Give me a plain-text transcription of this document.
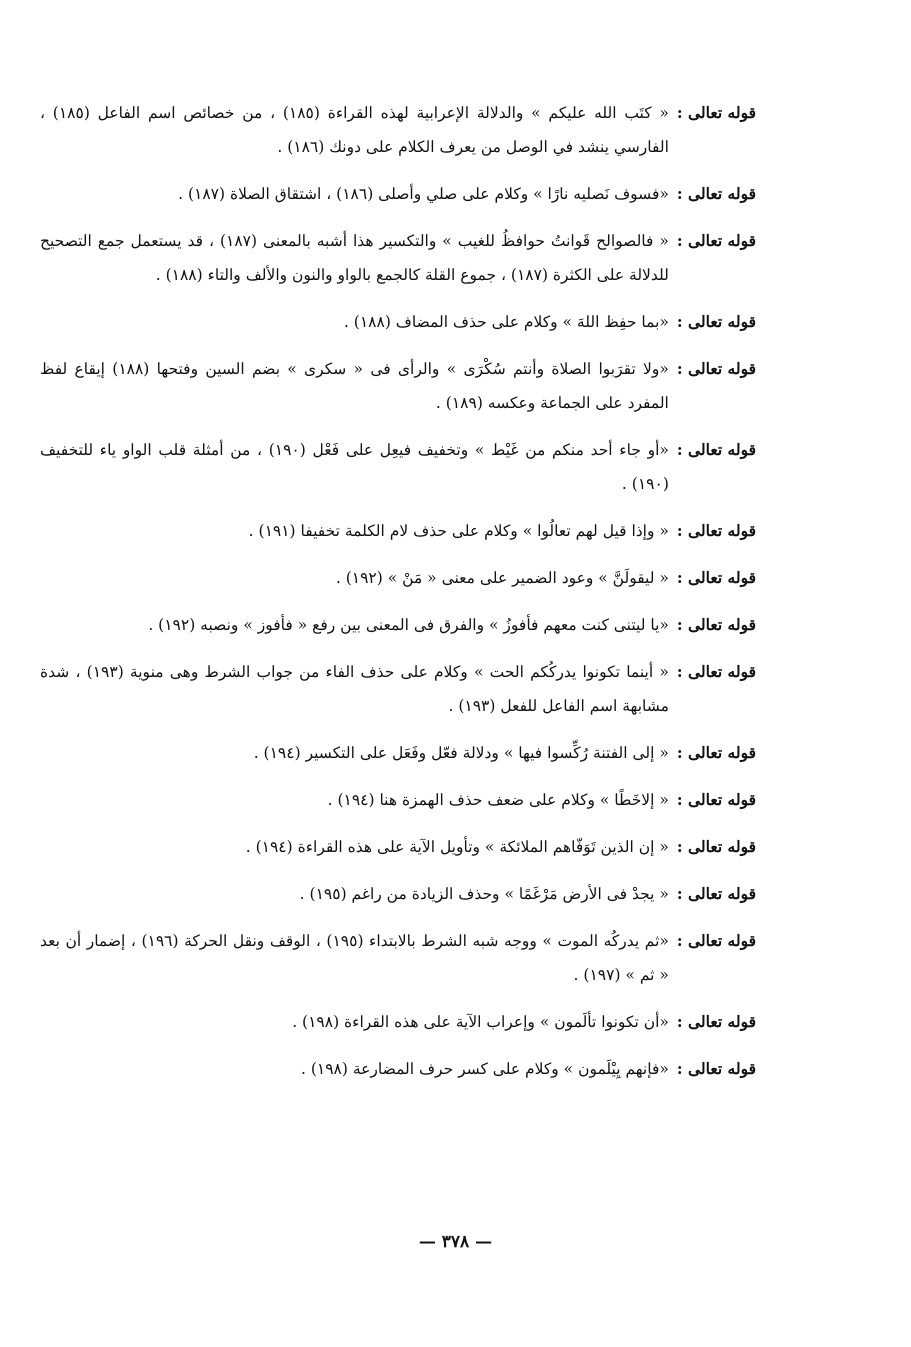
قوله تعالى :
« كتَب الله عليكم » والدلالة الإعرابية لهذه القراءة (١٨٥) ، من خصائص اسم الفاعل (١٨٥) ، الفارسي ينشد في الوصل من يعرف الكلام على دونك (١٨٦) .
قوله تعالى :
«فسوف نَصليه نارًا » وكلام على صلي وأصلى (١٨٦) ، اشتقاق الصلاة (١٨٧) .
قوله تعالى :
« فالصوالح قَوانتُ حوافظُ للغيب » والتكسير هذا أشبه بالمعنى (١٨٧) ، قد يستعمل جمع التصحيح للدلالة على الكثرة (١٨٧) ، جموع القلة كالجمع بالواو والنون والألف والتاء (١٨٨) .
قوله تعالى :
«بما حفِظ اللهَ » وكلام على حذف المضاف (١٨٨) .
قوله تعالى :
«ولا تقرَبوا الصلاة وأنتم سُكْرَى » والرأى فى « سكرى » بضم السين وفتحها (١٨٨) إيقاع لفظ المفرد على الجماعة وعكسه (١٨٩) .
قوله تعالى :
«أو جاء أحد منكم من غَيْط » وتخفيف فيعِل على فَعْل (١٩٠) ، من أمثلة قلب الواو ياء للتخفيف (١٩٠) .
قوله تعالى :
« وإذا قيل لهم تعالُوا » وكلام على حذف لام الكلمة تخفيفا (١٩١) .
قوله تعالى :
« ليقولَنَّ » وعود الضمير على معنى « مَنْ » (١٩٢) .
قوله تعالى :
«يا ليتنى كنت معهم فأفوزُ » والفرق فى المعنى بين رفع « فأفوز » ونصبه (١٩٢) .
قوله تعالى :
« أينما تكونوا يدركُكم الحت » وكلام على حذف الفاء من جواب الشرط وهى منوية (١٩٣) ، شدة مشابهة اسم الفاعل للفعل (١٩٣) .
قوله تعالى :
« إلى الفتنة رُكِّسوا فيها » ودلالة فعّل وفَعَل على التكسير (١٩٤) .
قوله تعالى :
« إلاخَطًا » وكلام على ضعف حذف الهمزة هنا (١٩٤) .
قوله تعالى :
« إن الذين تَوَفّاهم الملائكة » وتأويل الآية على هذه القراءة (١٩٤) .
قوله تعالى :
« يجدْ فى الأرض مَرْغَمًا » وحذف الزيادة من راغم (١٩٥) .
قوله تعالى :
«ثم يدركُه الموت » ووجه شبه الشرط بالابتداء (١٩٥) ، الوقف ونقل الحركة (١٩٦) ، إضمار أن بعد « ثم » (١٩٧) .
قوله تعالى :
«أن تكونوا تألَمون » وإعراب الآية على هذه القراءة (١٩٨) .
قوله تعالى :
«فإنهم يِيْلَمون » وكلام على كسر حرف المضارعة (١٩٨) .
— ٣٧٨ —
